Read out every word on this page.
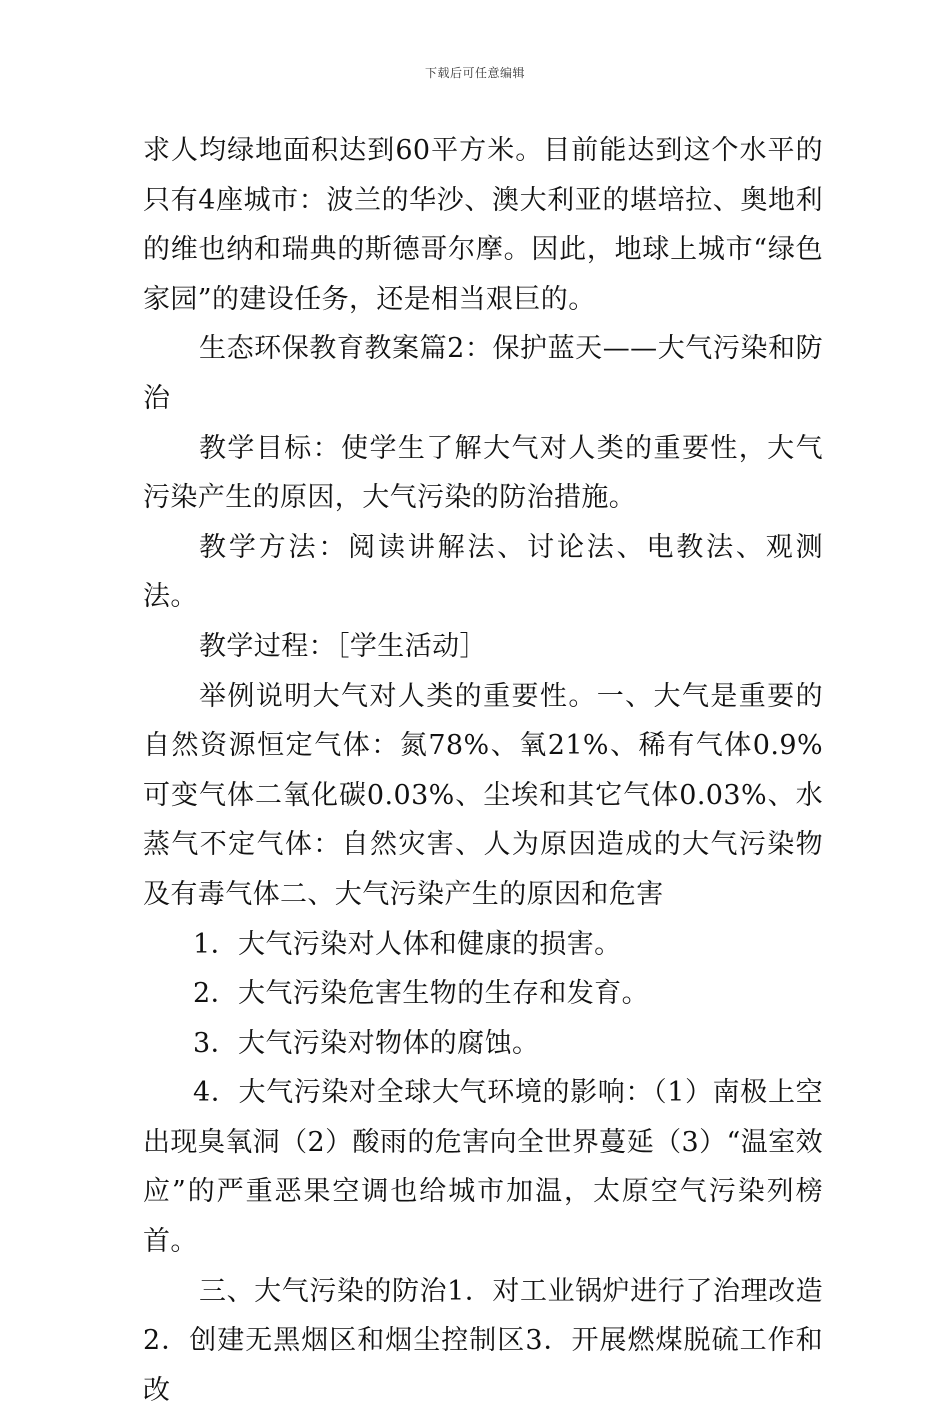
下载后可任意编辑

求人均绿地面积达到60平方米。目前能达到这个水平的只有4座城市：波兰的华沙、澳大利亚的堪培拉、奥地利的维也纳和瑞典的斯德哥尔摩。因此，地球上城市“绿色家园”的建设任务，还是相当艰巨的。

生态环保教育教案篇2：保护蓝天——大气污染和防治

教学目标：使学生了解大气对人类的重要性，大气污染产生的原因，大气污染的防治措施。

教学方法：阅读讲解法、讨论法、电教法、观测法。

教学过程：［学生活动］

举例说明大气对人类的重要性。一、大气是重要的自然资源恒定气体：氮78%、氧21%、稀有气体0.9%可变气体二氧化碳0.03%、尘埃和其它气体0.03%、水蒸气不定气体：自然灾害、人为原因造成的大气污染物及有毒气体二、大气污染产生的原因和危害

1．大气污染对人体和健康的损害。

2．大气污染危害生物的生存和发育。

3．大气污染对物体的腐蚀。

4．大气污染对全球大气环境的影响：（1）南极上空出现臭氧洞（2）酸雨的危害向全世界蔓延（3）“温室效应”的严重恶果空调也给城市加温，太原空气污染列榜首。

三、大气污染的防治1．对工业锅炉进行了治理改造2．创建无黑烟区和烟尘控制区3．开展燃煤脱硫工作和改
